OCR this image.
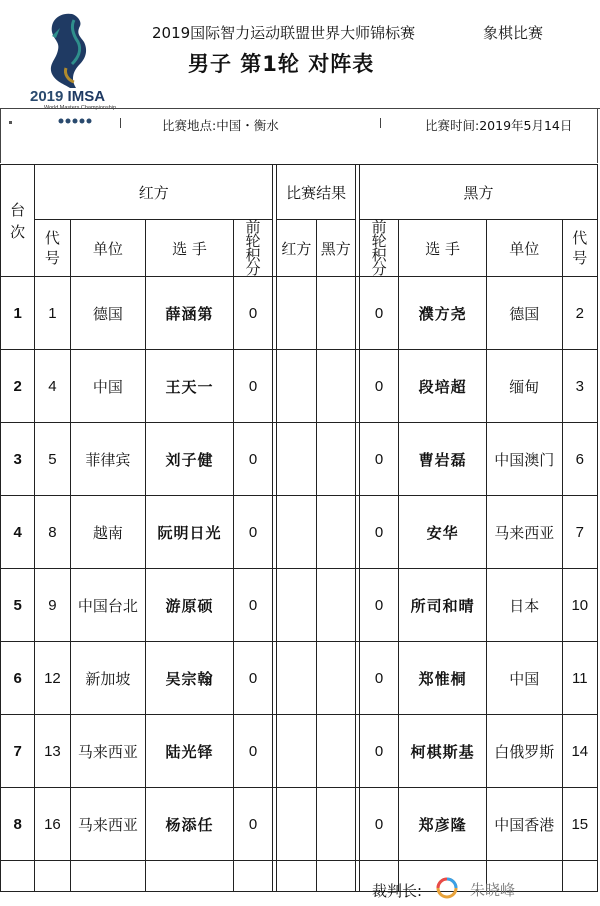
2019 IMSA
World Masters Championship
2019国际智力运动联盟世界大师锦标赛	象棋比赛
男子 第1轮 对阵表
比赛地点:中国・衡水	比赛时间:2019年5月14日
台次	红方					比赛结果			黑方			
	代号	单位	选 手	前轮积分		红方	黑方		前轮积分	选 手	单位	代号
1	1	德国	薛涵第	0					0	濮方尧	德国	2
2	4	中国	王天一	0					0	段培超	缅甸	3
3	5	菲律宾	刘子健	0					0	曹岩磊	中国澳门	6
4	8	越南	阮明日光	0					0	安华	马来西亚	7
5	9	中国台北	游原硕	0					0	所司和晴	日本	10
6	12	新加坡	吴宗翰	0					0	郑惟桐	中国	11
7	13	马来西亚	陆光铎	0					0	柯棋斯基	白俄罗斯	14
8	16	马来西亚	杨添任	0					0	郑彦隆	中国香港	15

裁判长:	朱晓峰
